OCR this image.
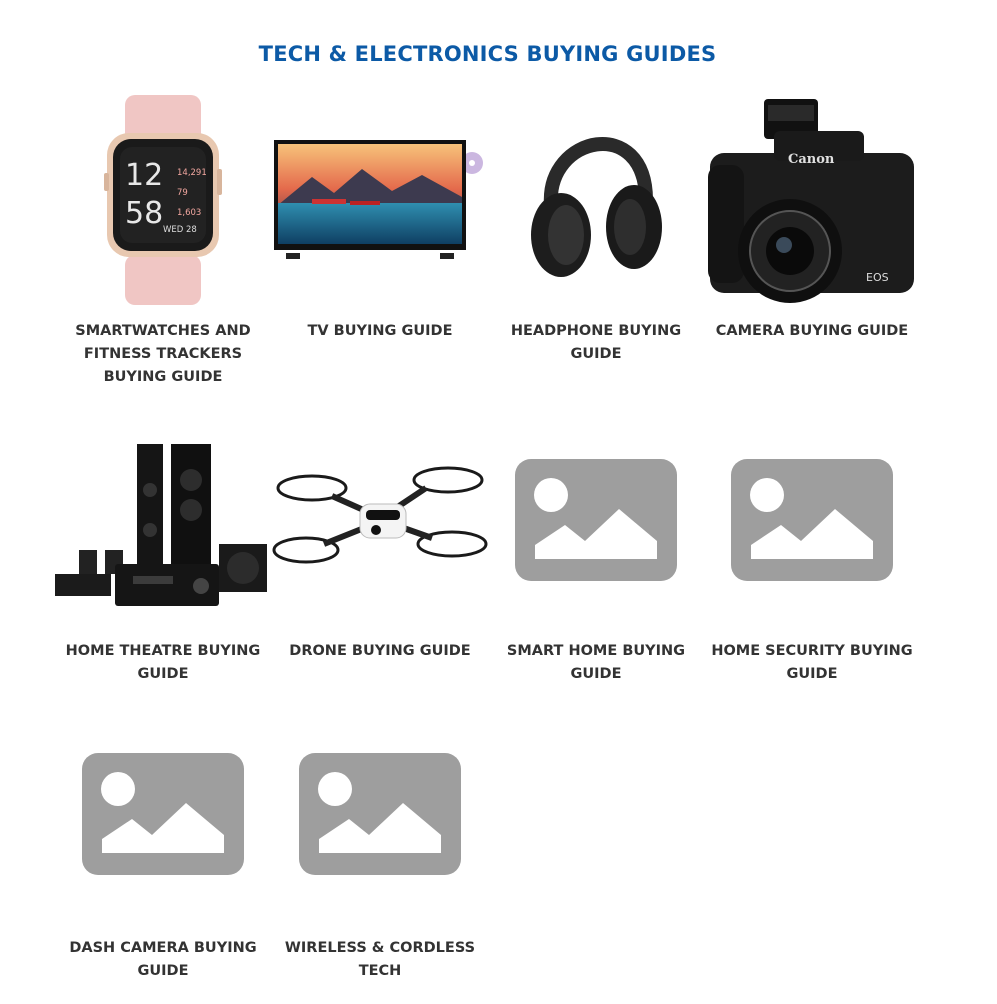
TECH & ELECTRONICS BUYING GUIDES
12
58
14,291
79
1,603
WED 28
SMARTWATCHES AND FITNESS TRACKERS BUYING GUIDE
TV BUYING GUIDE	HEADPHONE BUYING GUIDE
Canon
EOS
CAMERA BUYING GUIDE
HOME THEATRE BUYING GUIDE
DRONE BUYING GUIDE	SMART HOME BUYING GUIDE
HOME SECURITY BUYING GUIDE
DASH CAMERA BUYING GUIDE
WIRELESS & CORDLESS TECH
